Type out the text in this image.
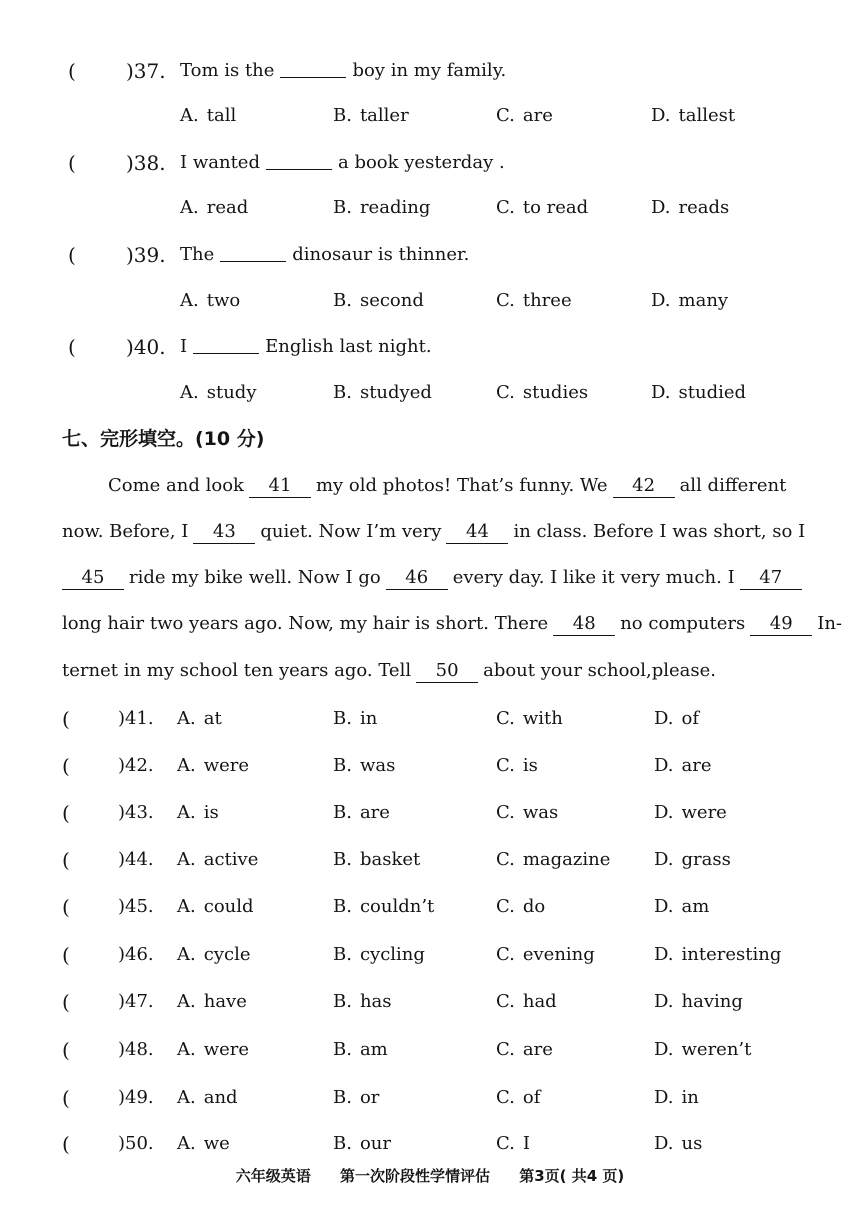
(	)37. Tom is the	boy in my family.
A. tall	B. taller	C. are	D. tallest
(	)38. I wanted	a book yesterday .
A. read	B. reading	C. to read	D. reads
(	)39. The	dinosaur is thinner.
A. two	B. second	C. three	D. many
(	)40. I	English last night.
A. study	B. studyed	C. studies	D. studied
七、完形填空。(10 分)
Come and look 41 my old photos! That’s funny. We 42 all different
now. Before, I 43 quiet. Now I’m very 44 in class. Before I was short, so I
45 ride my bike well. Now I go 46 every day. I like it very much. I 47
long hair two years ago. Now, my hair is short. There 48 no computers 49 In-
ternet in my school ten years ago. Tell 50 about your school,please.
(	)41. A. at	B. in	C. with	D. of
(	)42. A. were	B. was	C. is	D. are
(	)43. A. is	B. are	C. was	D. were
(	)44. A. active	B. basket	C. magazine D. grass
(	)45. A. could	B. couldn’t	C. do	D. am
(	)46. A. cycle	B. cycling	C. evening	D. interesting
(	)47. A. have	B. has	C. had	D. having
(	)48. A. were	B. am	C. are	D. weren’t
(	)49. A. and	B. or	C. of	D. in
(	)50. A. we	B. our	C. I	D. us
六年级英语 第一次阶段性学情评估 第3页( 共4 页)
